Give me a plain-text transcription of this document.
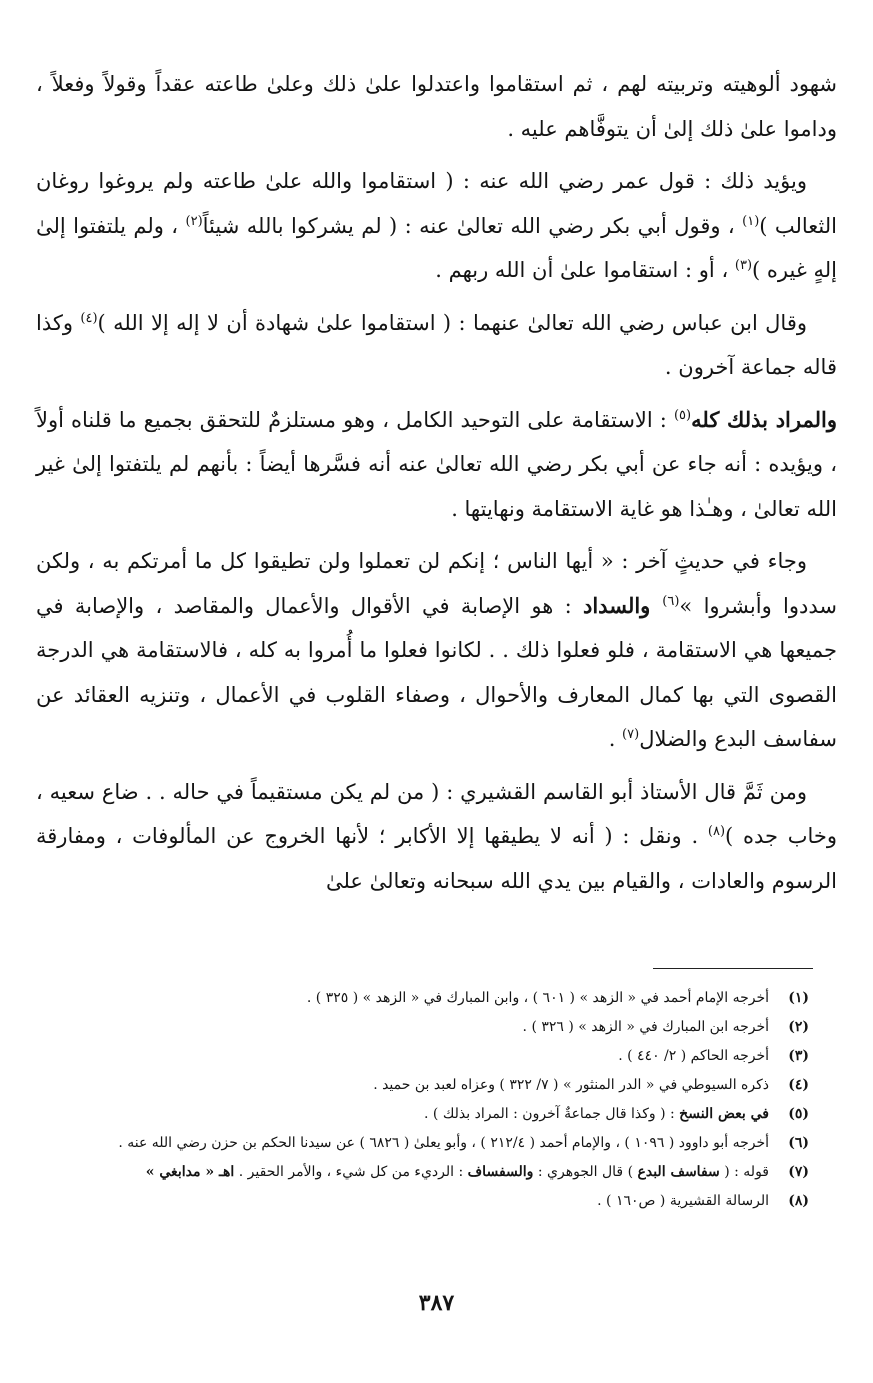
شهود ألوهيته وتربيته لهم ، ثم استقاموا واعتدلوا علىٰ ذلك وعلىٰ طاعته عقداً وقولاً وفعلاً ، وداموا علىٰ ذلك إلىٰ أن يتوفَّاهم عليه .

ويؤيد ذلك : قول عمر رضي الله عنه : ( استقاموا والله علىٰ طاعته ولم يروغوا روغان الثعالب )$^{(١)}$ ، وقول أبي بكر رضي الله تعالىٰ عنه : ( لم يشركوا بالله شيئاً$^{(٢)}$ ، ولم يلتفتوا إلىٰ إلهٍ غيره )$^{(٣)}$ ، أو : استقاموا علىٰ أن الله ربهم .

وقال ابن عباس رضي الله تعالىٰ عنهما : ( استقاموا علىٰ شهادة أن لا إله إلا الله )$^{(٤)}$ وكذا قاله جماعة آخرون .

والمراد بذلك كله$^{(٥)}$ : الاستقامة على التوحيد الكامل ، وهو مستلزمٌ للتحقق بجميع ما قلناه أولاً ، ويؤيده : أنه جاء عن أبي بكر رضي الله تعالىٰ عنه أنه فسَّرها أيضاً : بأنهم لم يلتفتوا إلىٰ غير الله تعالىٰ ، وهـٰذا هو غاية الاستقامة ونهايتها .

وجاء في حديثٍ آخر : « أيها الناس ؛ إنكم لن تعملوا ولن تطيقوا كل ما أمرتكم به ، ولكن سددوا وأبشروا »$^{(٦)}$ والسداد : هو الإصابة في الأقوال والأعمال والمقاصد ، والإصابة في جميعها هي الاستقامة ، فلو فعلوا ذلك . . لكانوا فعلوا ما أُمروا به كله ، فالاستقامة هي الدرجة القصوى التي بها كمال المعارف والأحوال ، وصفاء القلوب في الأعمال ، وتنزيه العقائد عن سفاسف البدع والضلال$^{(٧)}$ .

ومن ثَمَّ قال الأستاذ أبو القاسم القشيري : ( من لم يكن مستقيماً في حاله . . ضاع سعيه ، وخاب جده )$^{(٨)}$ . ونقل : ( أنه لا يطيقها إلا الأكابر ؛ لأنها الخروج عن المألوفات ، ومفارقة الرسوم والعادات ، والقيام بين يدي الله سبحانه وتعالىٰ علىٰ

(١)
أخرجه الإمام أحمد في « الزهد » ( ٦٠١ ) ، وابن المبارك في « الزهد » ( ٣٢٥ ) .
(٢)
أخرجه ابن المبارك في « الزهد » ( ٣٢٦ ) .
(٣)
أخرجه الحاكم ( ٢/ ٤٤٠ ) .
(٤)
ذكره السيوطي في « الدر المنثور » ( ٧/ ٣٢٢ ) وعزاه لعبد بن حميد .
(٥)
في بعض النسخ : ( وكذا قال جماعةٌ آخرون : المراد بذلك ) .
(٦)
أخرجه أبو داوود ( ١٠٩٦ ) ، والإمام أحمد ( ٢١٢/٤ ) ، وأبو يعلىٰ ( ٦٨٢٦ ) عن سيدنا الحكم بن حزن رضي الله عنه .
(٧)
قوله : ( سفاسف البدع ) قال الجوهري : والسفساف : الرديء من كل شيء ، والأمر الحقير . اهـ « مدابغي »
(٨)
الرسالة القشيرية ( ص١٦٠ ) .
٣٨٧
